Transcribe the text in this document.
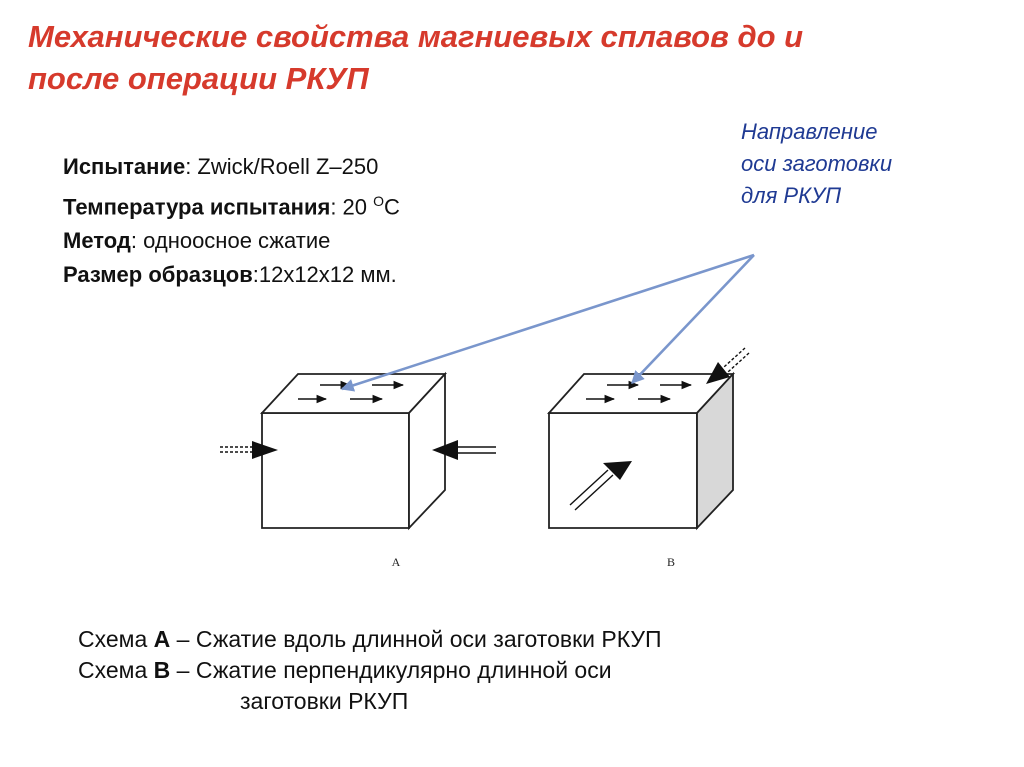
Механические свойства магниевых сплавов до и
после операции РКУП
Испытание: Zwick/Roell Z–250
Температура испытания: 20 $^O$C
Метод: одноосное сжатие
Размер образцов:12x12x12 мм.
Направление
оси заготовки
для РКУП
A	B
Схема А – Сжатие вдоль длинной оси заготовки РКУП
Схема В – Сжатие перпендикулярно длинной оси
заготовки РКУП
